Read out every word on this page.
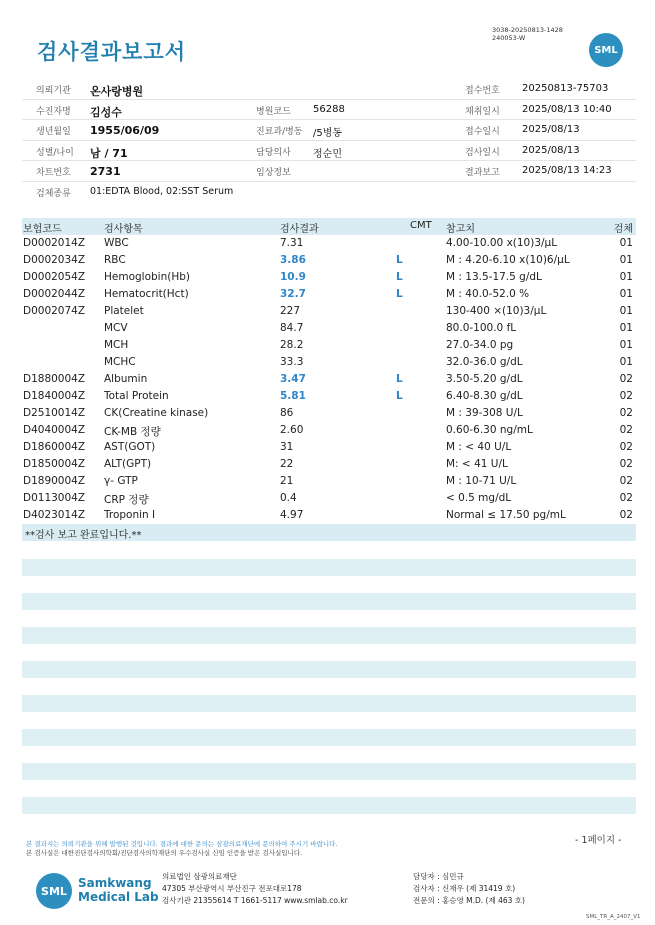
검사결과보고서
3038-20250813-1428
240053-W
SML
의뢰기관 온사랑병원	접수번호 20250813-75703
수진자명 김성수	병원코드 56288	채취일시 2025/08/13 10:40
생년월일 1955/06/09	진료과/병동 /5병동	접수일시 2025/08/13
성별/나이 남 / 71	담당의사 정순민	검사일시 2025/08/13
차트번호 2731	임상정보	결과보고 2025/08/13 14:23
검체종류 01:EDTA Blood, 02:SST Serum
보험코드	검사항목	검사결과	CMT 참고치	검체
D0002014Z WBC	7.31	4.00-10.00 x(10)3/μL	01
D0002034Z RBC	3.86	L	M : 4.20-6.10 x(10)6/μL	01
D0002054Z Hemoglobin(Hb)	10.9	L	M : 13.5-17.5 g/dL	01
D0002044Z Hematocrit(Hct)	32.7	L	M : 40.0-52.0 %	01
D0002074Z Platelet	227	130-400 ×(10)3/μL	01
MCV	84.7	80.0-100.0 fL	01
MCH	28.2	27.0-34.0 pg	01
MCHC	33.3	32.0-36.0 g/dL	01
D1880004Z Albumin	3.47	L	3.50-5.20 g/dL	02
D1840004Z Total Protein	5.81	L	6.40-8.30 g/dL	02
D2510014Z CK(Creatine kinase)	86	M : 39-308 U/L	02
D4040004Z CK-MB 정량	2.60	0.60-6.30 ng/mL	02
D1860004Z AST(GOT)	31	M : < 40 U/L	02
D1850004Z ALT(GPT)	22	M: < 41 U/L	02
D1890004Z γ- GTP	21	M : 10-71 U/L	02
D0113004Z CRP 정량	0.4	< 0.5 mg/dL	02
D4023014Z Troponin I	4.97	Normal ≤ 17.50 pg/mL	02
**검사 보고 완료입니다.**
- 1페이지 -
본 결과지는 의뢰기관을 위해 발행된 것입니다. 결과에 대한 문의는 삼광의료재단에 문의하여 주시기 바랍니다.
본 검사실은 대한진단검사의학회/진단검사의학재단의 우수검사실 신임 인증을 받은 검사실입니다.
SML
Samkwang
Medical Lab
의료법인 삼광의료재단
47305 부산광역시 부산진구 전포대로178
검사기관 21355614 T 1661-5117 www.smlab.co.kr
담당자 : 심민규
검사자 : 신재우 (제 31419 호)
전문의 : 홍승영 M.D. (제 463 호)
SML_TR_A_2407_V1
